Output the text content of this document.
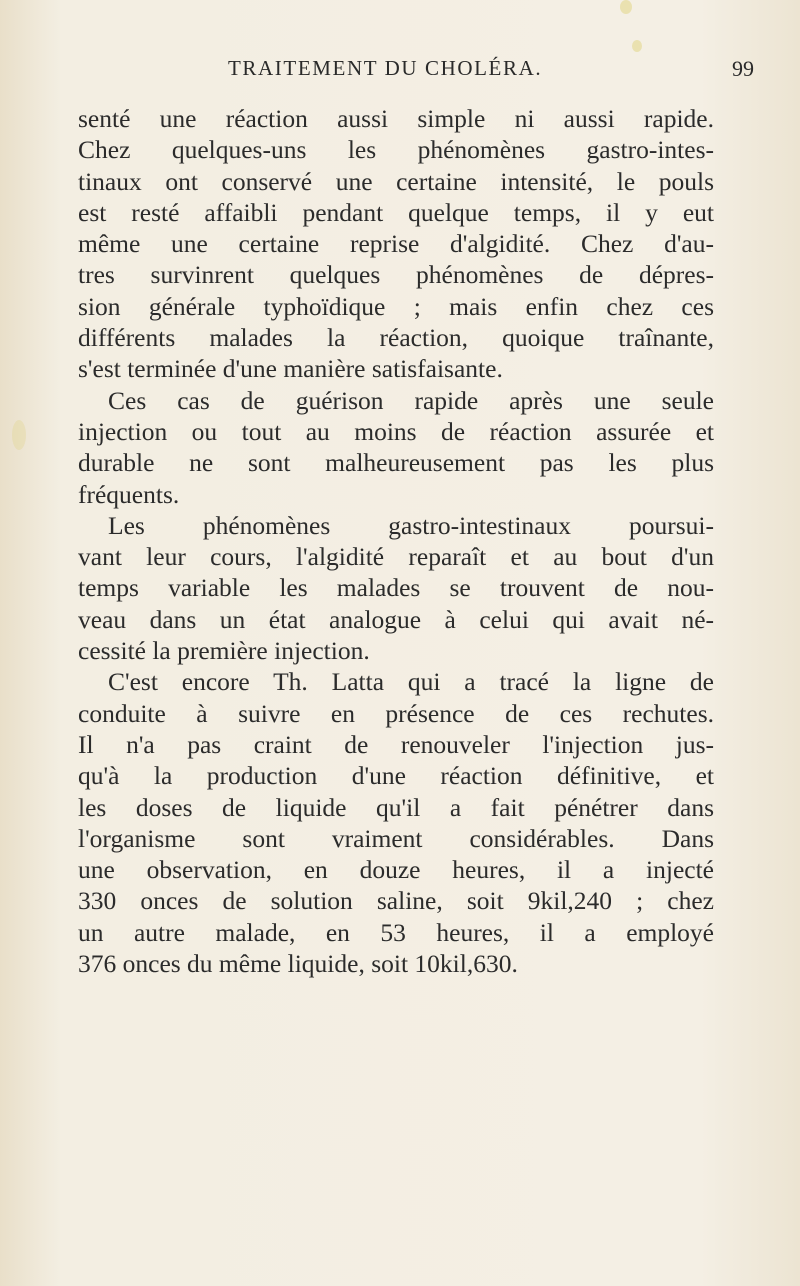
TRAITEMENT DU CHOLÉRA.	99
senté une réaction aussi simple ni aussi rapide.
Chez quelques-uns les phénomènes gastro-intes-
tinaux ont conservé une certaine intensité, le pouls
est resté affaibli pendant quelque temps, il y eut
même une certaine reprise d'algidité. Chez d'au-
tres survinrent quelques phénomènes de dépres-
sion générale typhoïdique ; mais enfin chez ces
différents malades la réaction, quoique traînante,
s'est terminée d'une manière satisfaisante.
Ces cas de guérison rapide après une seule
injection ou tout au moins de réaction assurée et
durable ne sont malheureusement pas les plus
fréquents.
Les phénomènes gastro-intestinaux poursui-
vant leur cours, l'algidité reparaît et au bout d'un
temps variable les malades se trouvent de nou-
veau dans un état analogue à celui qui avait né-
cessité la première injection.
C'est encore Th. Latta qui a tracé la ligne de
conduite à suivre en présence de ces rechutes.
Il n'a pas craint de renouveler l'injection jus-
qu'à la production d'une réaction définitive, et
les doses de liquide qu'il a fait pénétrer dans
l'organisme sont vraiment considérables. Dans
une observation, en douze heures, il a injecté
330 onces de solution saline, soit 9kil,240 ; chez
un autre malade, en 53 heures, il a employé
376 onces du même liquide, soit 10kil,630.
